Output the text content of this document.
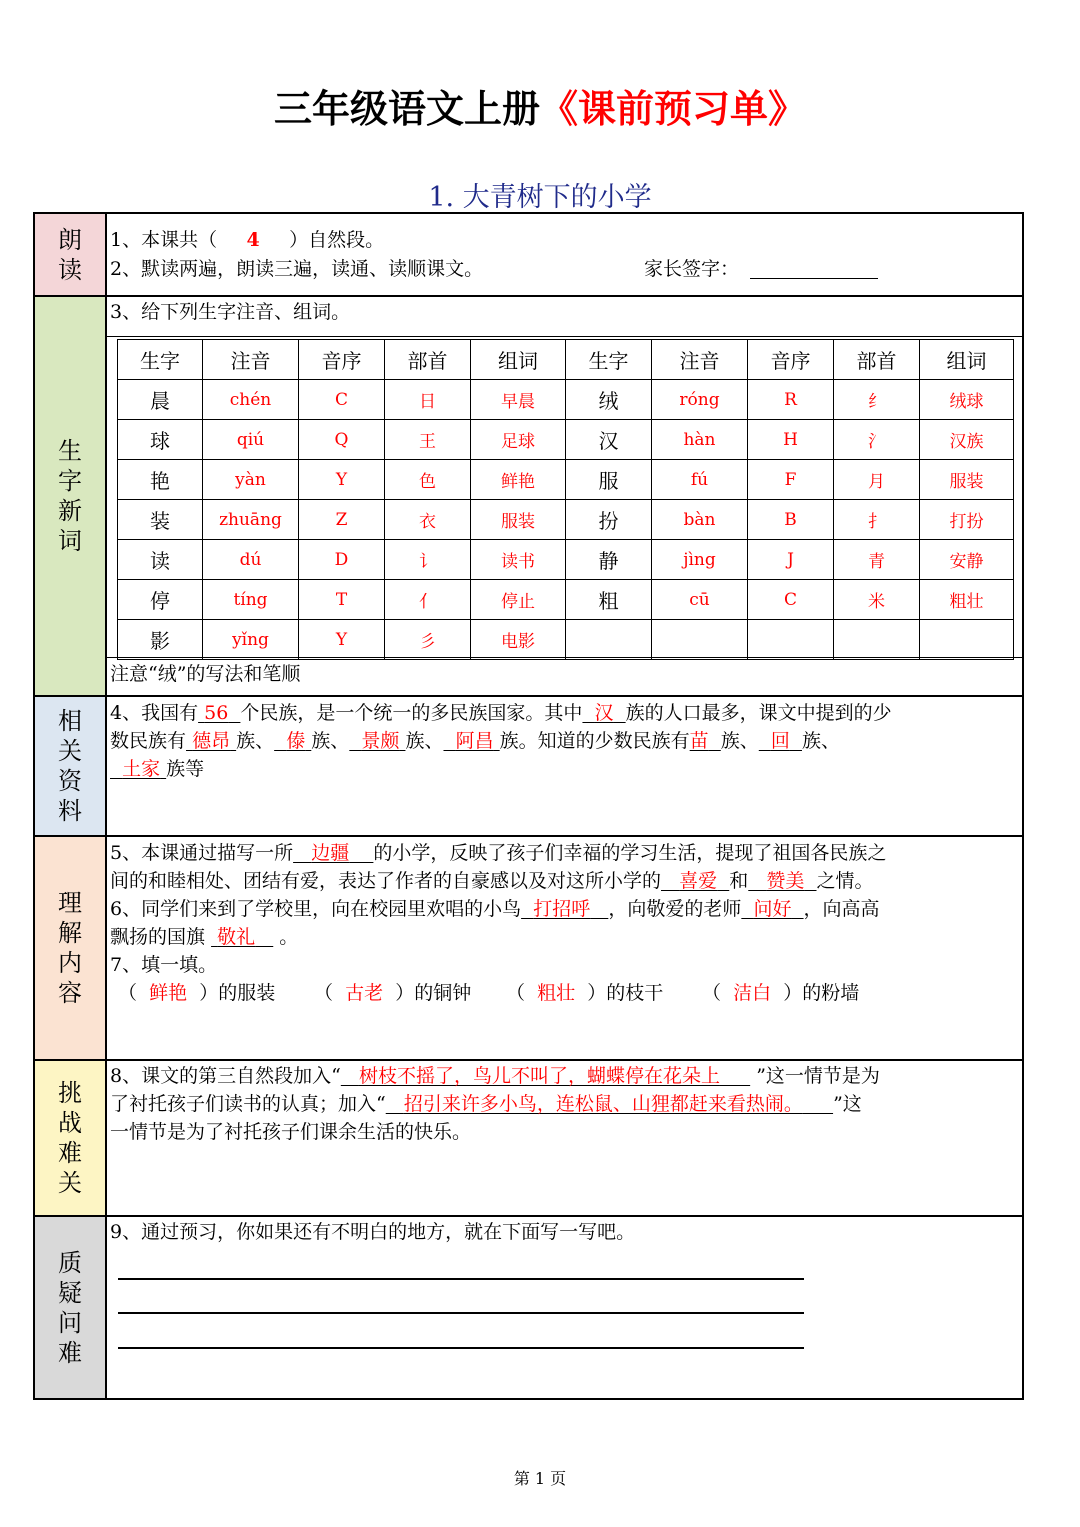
三年级语文上册《课前预习单》
1. 大青树下的小学
朗
读
生
字
新
词
相
关
资
料
理
解
内
容
挑
战
难
关
质
疑
问
难
1、本课共（ 4 ）自然段。
2、默读两遍，朗读三遍，读通、读顺课文。	家长签字：
3、给下列生字注音、组词。
生字	注音	音序	部首	组词	生字	注音	音序	部首	组词
晨	chén	C	日	早晨	绒	róng	R	纟	绒球
球	qiú	Q	王	足球	汉	hàn	H	氵	汉族
艳	yàn	Y	色	鲜艳	服	fú	F	月	服装
装	zhuāng	Z	衣	服装	扮	bàn	B	扌	打扮
读	dú	D	讠	读书	静	jìng	J	青	安静
停	tíng	T	亻	停止	粗	cū	C	米	粗壮
影	yǐng	Y	彡	电影					
注意“绒”的写法和笔顺
4、我国有 56 个民族，是一个统一的多民族国家。其中 汉 族的人口最多，课文中提到的少
数民族有 德昂 族、 傣 族、 景颇 族、 阿昌 族。知道的少数民族有苗 族、 回 族、
土家 族等
5、本课通过描写一所 边疆 的小学，反映了孩子们幸福的学习生活，提现了祖国各民族之
间的和睦相处、团结有爱，表达了作者的自豪感以及对这所小学的 喜爱 和 赞美 之情。
6、同学们来到了学校里，向在校园里欢唱的小鸟 打招呼 ，向敬爱的老师 问好 ，向高高
飘扬的国旗 敬礼 。
7、填一填。
（  鲜艳  ）的服装 （  古老  ）的铜钟 （  粗壮  ）的枝干 （  洁白  ）的粉墙
8、课文的第三自然段加入“ 树枝不摇了，鸟儿不叫了，蝴蝶停在花朵上 ”这一情节是为
了衬托孩子们读书的认真；加入“ 招引来许多小鸟，连松鼠、山狸都赶来看热闹。 ”这
一情节是为了衬托孩子们课余生活的快乐。
9、通过预习，你如果还有不明白的地方，就在下面写一写吧。
第 1 页
